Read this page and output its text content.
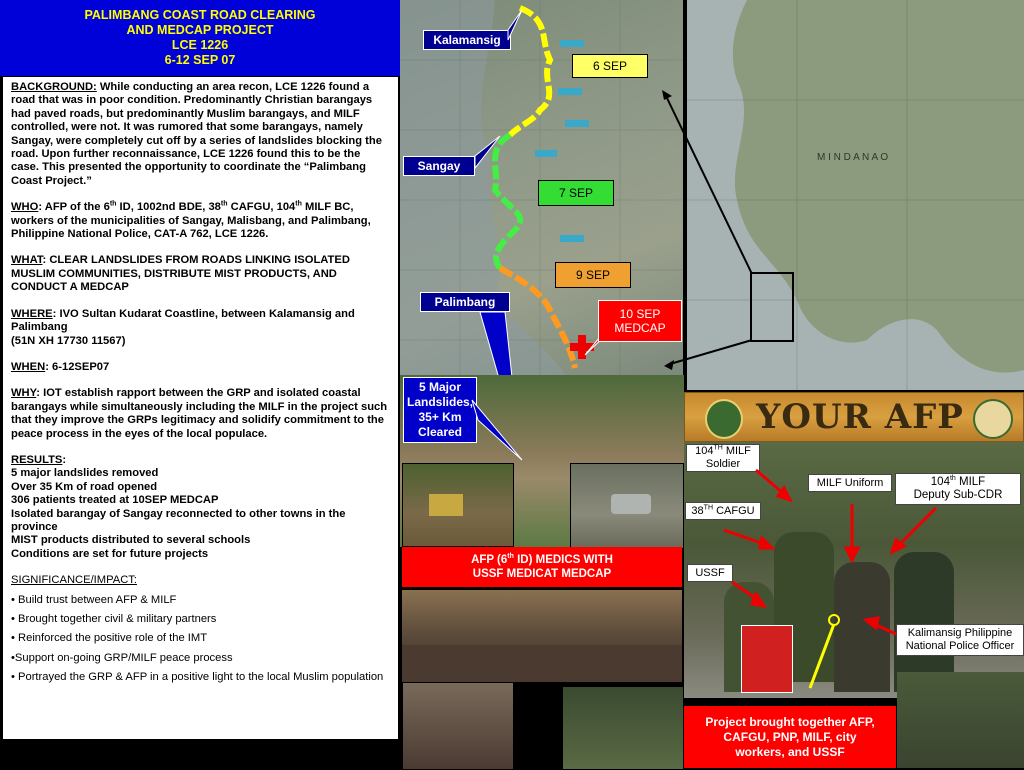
PALIMBANG COAST ROAD CLEARING
AND MEDCAP PROJECT
LCE 1226
6-12 SEP 07

BACKGROUND: While conducting an area recon, LCE 1226 found a road that was in poor condition. Predominantly Christian barangays had paved roads, but predominantly Muslim barangays, and MILF controlled, were not. It was rumored that some barangays, namely Sangay, were completely cut off by a series of landslides blocking the road. Upon further reconnaissance, LCE 1226 found this to be the case. This presented the opportunity to coordinate the “Palimbang Coast Project.”

WHO: AFP of the 6th ID, 1002nd BDE, 38th CAFGU, 104th MILF BC, workers of the municipalities of Sangay, Malisbang, and Palimbang, Philippine National Police, CAT-A 762, LCE 1226.

WHAT: CLEAR LANDSLIDES FROM ROADS LINKING ISOLATED MUSLIM COMMUNITIES, DISTRIBUTE MIST PRODUCTS, AND CONDUCT A MEDCAP

WHERE: IVO Sultan Kudarat Coastline, between Kalamansig and Palimbang
(51N XH 17730 11567)

WHEN: 6-12SEP07

WHY: IOT establish rapport between the GRP and isolated coastal barangays while simultaneously including the MILF in the project such that they improve the GRPs legitimacy and solidify commitment to the peace process in the eyes of the local populace.

RESULTS:
5 major landslides removed
Over 35 Km of road opened
306 patients treated at 10SEP MEDCAP
Isolated barangay of Sangay reconnected to other towns in the province
MIST products distributed to several schools
Conditions are set for future projects

SIGNIFICANCE/IMPACT:
• Build trust between AFP & MILF
• Brought together civil & military partners
• Reinforced the positive role of the IMT
•Support on-going GRP/MILF peace process
• Portrayed the GRP & AFP in a positive light to the local Muslim population
Kalamansig
Sangay
Palimbang
6 SEP
7 SEP
9 SEP
10 SEP
MEDCAP
M I N D A N A O
5 Major
Landslides,
35+ Km
Cleared
AFP (6th ID) MEDICS WITH
USSF MEDICAT MEDCAP
YOUR AFP
104TH MILF
Soldier
MILF Uniform	104th MILF
Deputy Sub-CDR
38TH CAFGU
USSF
Kalimansig Philippine
National Police Officer
Project brought together AFP,
CAFGU, PNP, MILF, city
workers, and USSF
